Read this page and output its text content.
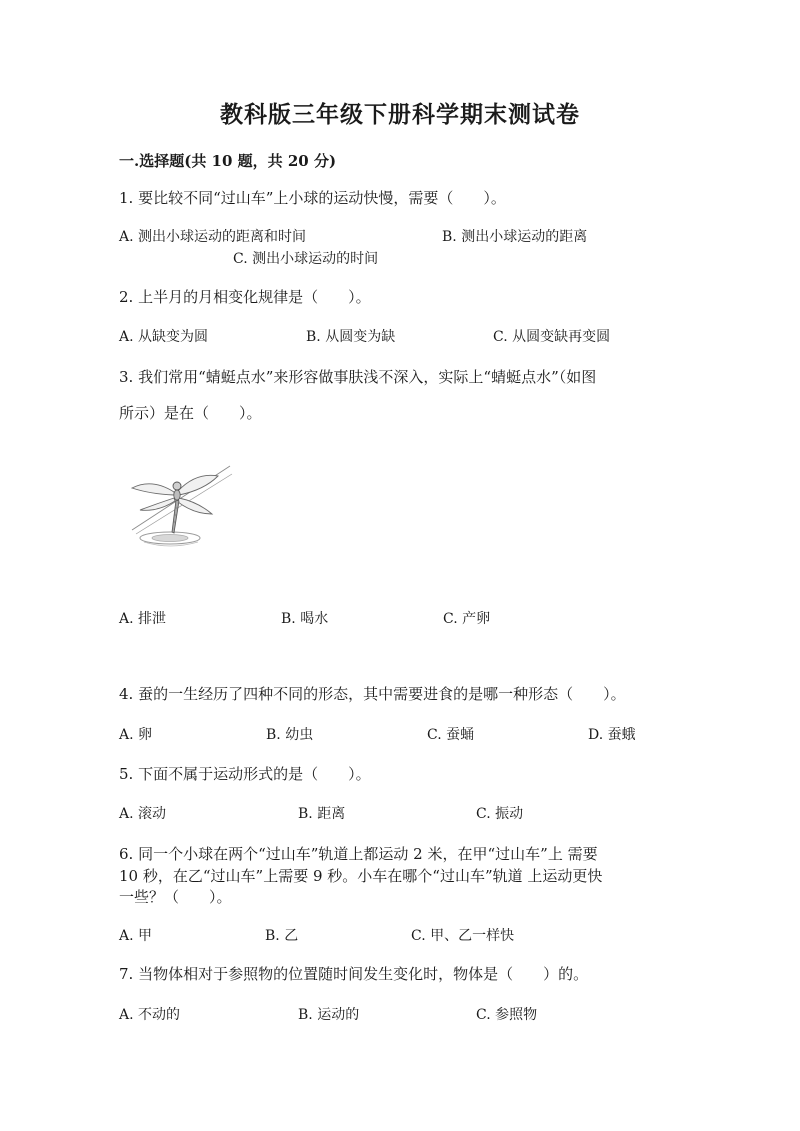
教科版三年级下册科学期末测试卷
一.选择题(共 10 题，共 20 分)
1. 要比较不同“过山车”上小球的运动快慢，需要（　　）。
A. 测出小球运动的距离和时间	B. 测出小球运动的距离
C. 测出小球运动的时间
2. 上半月的月相变化规律是（　　）。
A. 从缺变为圆	B. 从圆变为缺	C. 从圆变缺再变圆
3. 我们常用“蜻蜓点水”来形容做事肤浅不深入，实际上“蜻蜓点水”（如图
所示）是在（　　）。
A. 排泄	B. 喝水	C. 产卵
4. 蚕的一生经历了四种不同的形态，其中需要进食的是哪一种形态（　　）。
A. 卵	B. 幼虫	C. 蚕蛹	D. 蚕蛾
5. 下面不属于运动形式的是（　　）。
A. 滚动	B. 距离	C. 振动
6. 同一个小球在两个“过山车”轨道上都运动 2 米，在甲“过山车”上 需要
10 秒，在乙“过山车”上需要 9 秒。小车在哪个“过山车”轨道 上运动更快
一些？（　　）。
A. 甲	B. 乙	C. 甲、乙一样快
7. 当物体相对于参照物的位置随时间发生变化时，物体是（　　）的。
A. 不动的	B. 运动的	C. 参照物
